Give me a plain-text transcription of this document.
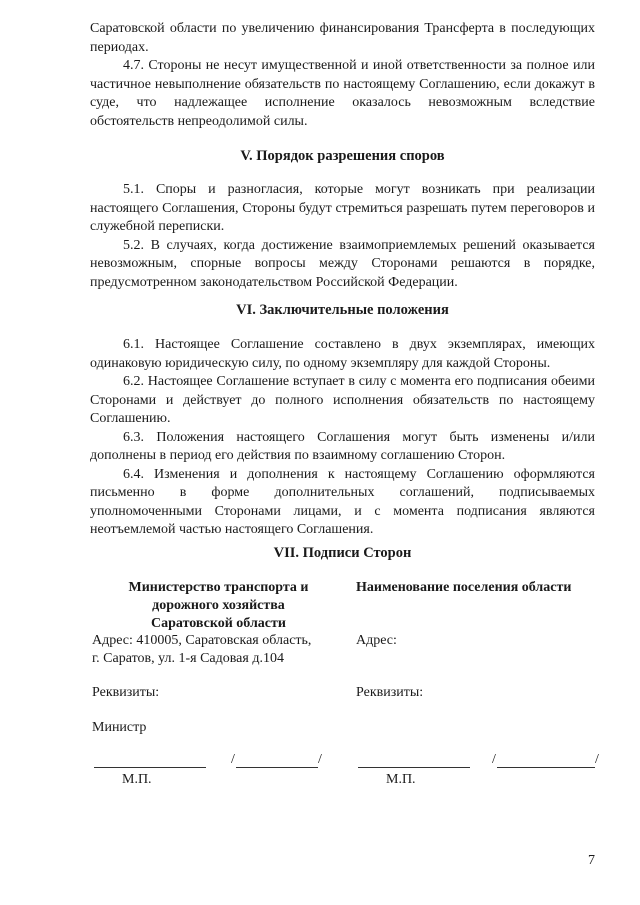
Саратовской области по увеличению финансирования Трансферта в последующих периодах.

4.7. Стороны не несут имущественной и иной ответственности за полное или частичное невыполнение обязательств по настоящему Соглашению, если докажут в суде, что надлежащее исполнение оказалось невозможным вследствие обстоятельств непреодолимой силы.

V. Порядок разрешения споров

5.1. Споры и разногласия, которые могут возникать при реализации настоящего Соглашения, Стороны будут стремиться разрешать путем переговоров и служебной переписки.

5.2. В случаях, когда достижение взаимоприемлемых решений оказывается невозможным, спорные вопросы между Сторонами решаются в порядке, предусмотренном законодательством Российской Федерации.

VI. Заключительные положения

6.1. Настоящее Соглашение составлено в двух экземплярах, имеющих одинаковую юридическую силу, по одному экземпляру для каждой Стороны.

6.2. Настоящее Соглашение вступает в силу с момента его подписания обеими Сторонами и действует до полного исполнения обязательств по настоящему Соглашению.

6.3. Положения настоящего Соглашения могут быть изменены и/или дополнены в период его действия по взаимному соглашению Сторон.

6.4. Изменения и дополнения к настоящему Соглашению оформляются письменно в форме дополнительных соглашений, подписываемых уполномоченными Сторонами лицами, и с момента подписания являются неотъемлемой частью настоящего Соглашения.

VII. Подписи Сторон
Министерство транспорта и
дорожного хозяйства
Саратовской области
Адрес: 410005, Саратовская область,
г. Саратов, ул. 1-я Садовая д.104
Реквизиты:
Министр
/	/
М.П.
Наименование поселения области
Адрес:
Реквизиты:
/	/
М.П.
7
